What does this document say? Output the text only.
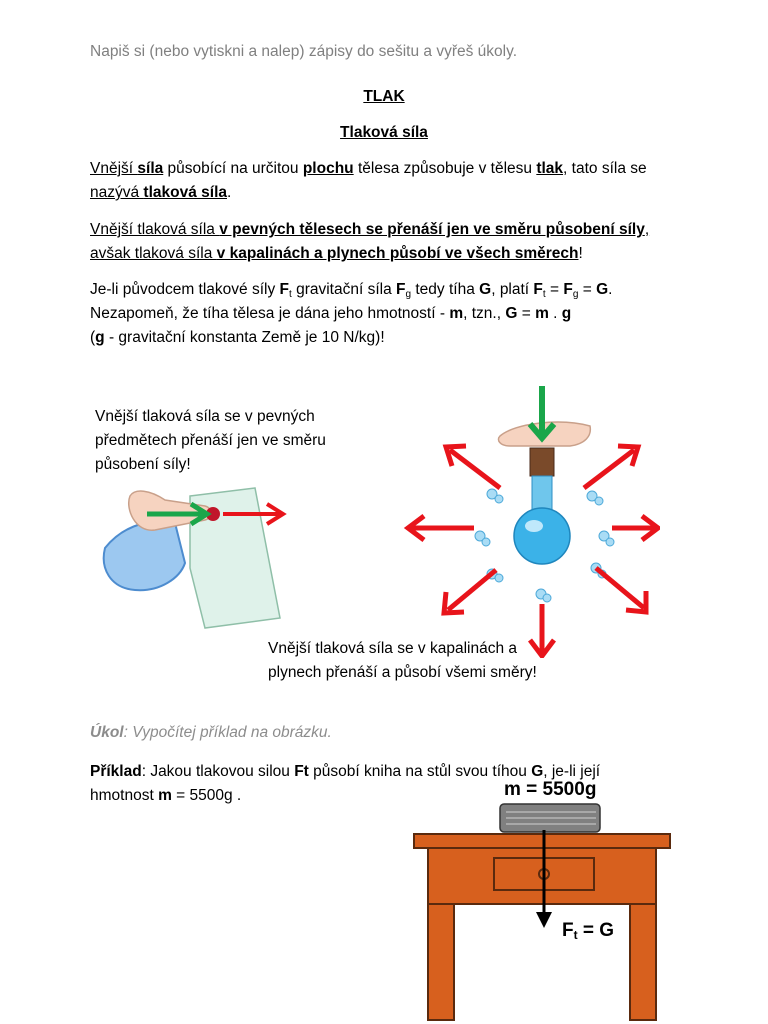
Napiš si (nebo vytiskni a nalep) zápisy do sešitu a vyřeš úkoly.

TLAK

Tlaková síla

Vnější síla působící na určitou plochu tělesa způsobuje v tělesu tlak, tato síla se

nazývá tlaková síla.

Vnější tlaková síla v pevných tělesech se přenáší jen ve směru působení síly,

avšak tlaková síla v kapalinách a plynech působí ve všech směrech!

Je-li původcem tlakové síly $F_t$ gravitační síla $F_g$ tedy tíha G, platí $F_t = F_g = G$.

Nezapomeň, že tíha tělesa je dána jeho hmotností - m, tzn., G = m . g

(g - gravitační konstanta Země je 10 N/kg)!

Vnější tlaková síla se v pevných

předmětech přenáší jen ve směru

působení síly!

Vnější tlaková síla se v kapalinách a

plynech přenáší a působí všemi směry!

Úkol: Vypočítej příklad na obrázku.

Příklad: Jakou tlakovou silou Ft působí kniha na stůl svou tíhou G, je-li její

hmotnost m = 5500g .	m = 5500g
$F_t = G$
